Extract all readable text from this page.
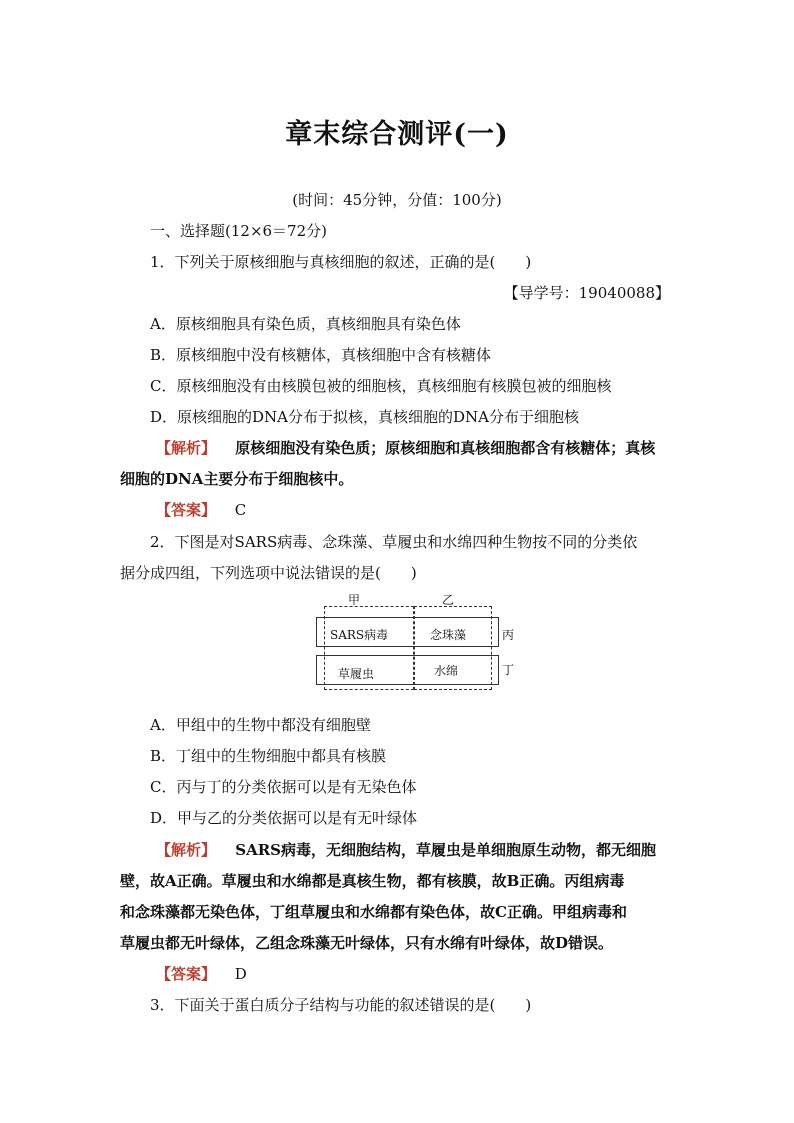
章末综合测评(一)
(时间：45分钟，分值：100分)
一、选择题(12×6＝72分)
1．下列关于原核细胞与真核细胞的叙述，正确的是(　　)
【导学号：19040088】
A．原核细胞具有染色质，真核细胞具有染色体
B．原核细胞中没有核糖体，真核细胞中含有核糖体
C．原核细胞没有由核膜包被的细胞核，真核细胞有核膜包被的细胞核
D．原核细胞的DNA分布于拟核，真核细胞的DNA分布于细胞核
【解析】 原核细胞没有染色质；原核细胞和真核细胞都含有核糖体；真核
细胞的DNA主要分布于细胞核中。
【答案】 C
2．下图是对SARS病毒、念珠藻、草履虫和水绵四种生物按不同的分类依
据分成四组，下列选项中说法错误的是(　　)
甲	乙
SARS病毒	念珠藻
草履虫	水绵
丙
丁
A．甲组中的生物中都没有细胞壁
B．丁组中的生物细胞中都具有核膜
C．丙与丁的分类依据可以是有无染色体
D．甲与乙的分类依据可以是有无叶绿体
【解析】 SARS病毒，无细胞结构，草履虫是单细胞原生动物，都无细胞
壁，故A正确。草履虫和水绵都是真核生物，都有核膜，故B正确。丙组病毒
和念珠藻都无染色体，丁组草履虫和水绵都有染色体，故C正确。甲组病毒和
草履虫都无叶绿体，乙组念珠藻无叶绿体，只有水绵有叶绿体，故D错误。
【答案】 D
3．下面关于蛋白质分子结构与功能的叙述错误的是(　　)
